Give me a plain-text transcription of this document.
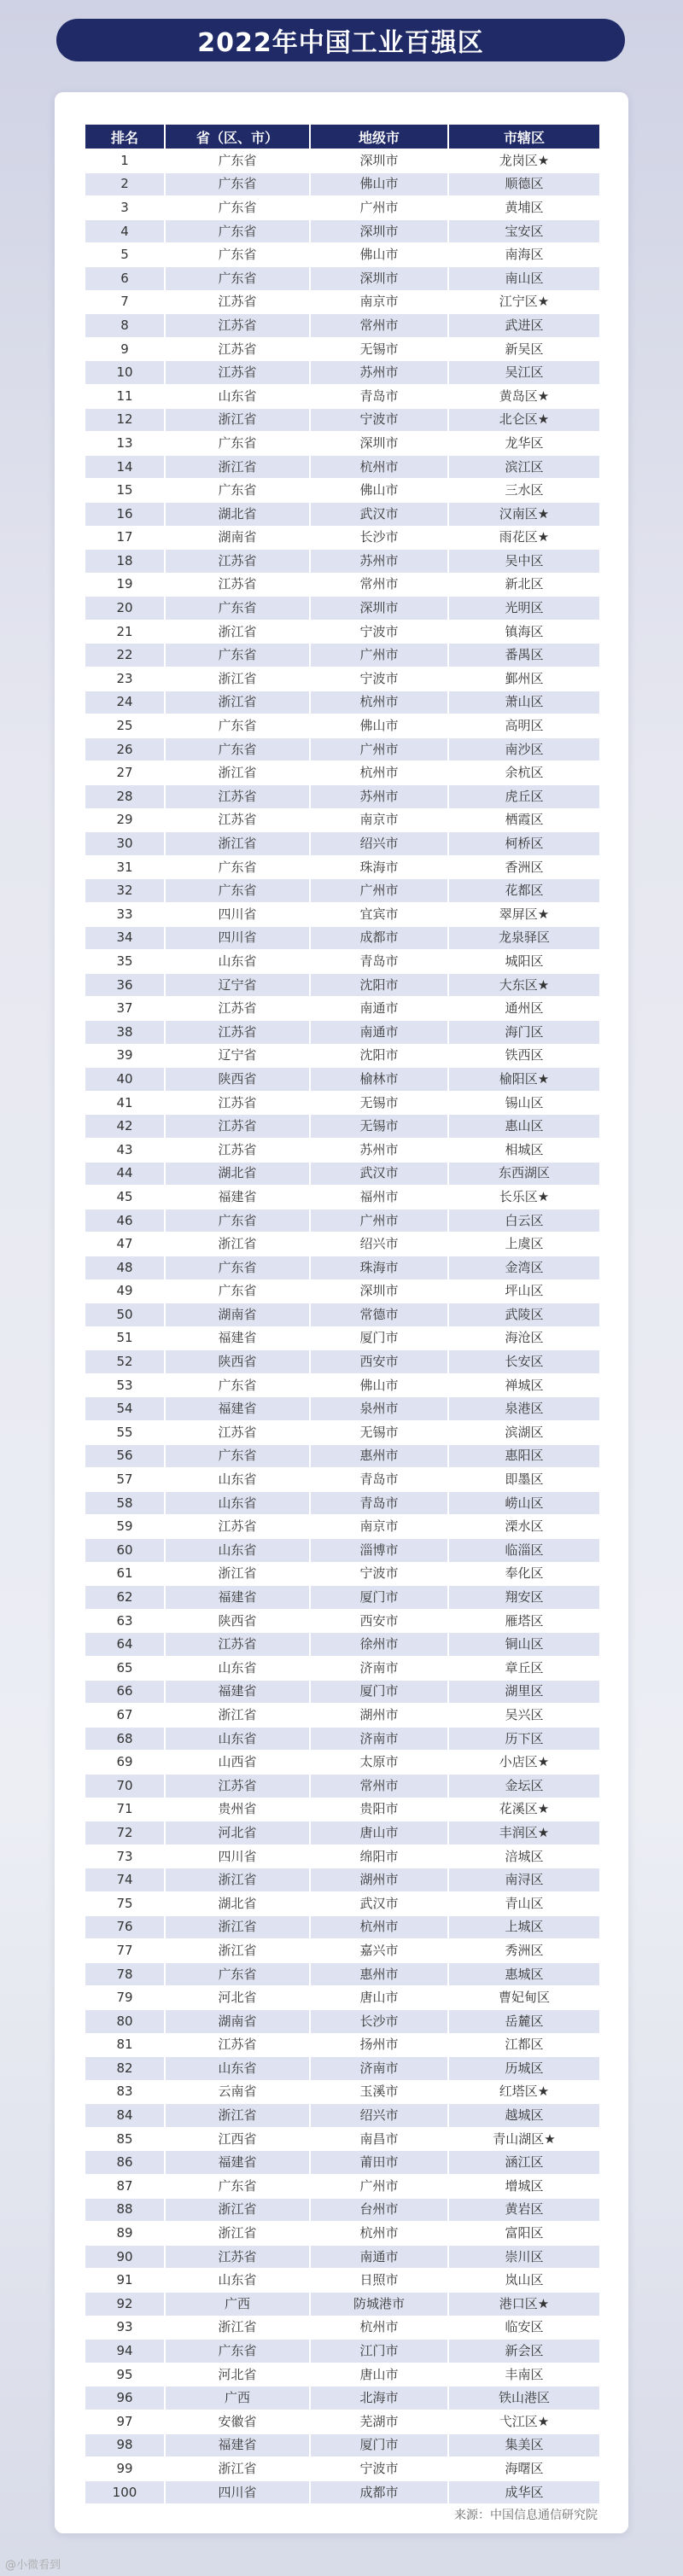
2022年中国工业百强区
排名	省（区、市）	地级市	市辖区
1	广东省	深圳市	龙岗区★
2	广东省	佛山市	顺德区
3	广东省	广州市	黄埔区
4	广东省	深圳市	宝安区
5	广东省	佛山市	南海区
6	广东省	深圳市	南山区
7	江苏省	南京市	江宁区★
8	江苏省	常州市	武进区
9	江苏省	无锡市	新吴区
10	江苏省	苏州市	吴江区
11	山东省	青岛市	黄岛区★
12	浙江省	宁波市	北仑区★
13	广东省	深圳市	龙华区
14	浙江省	杭州市	滨江区
15	广东省	佛山市	三水区
16	湖北省	武汉市	汉南区★
17	湖南省	长沙市	雨花区★
18	江苏省	苏州市	吴中区
19	江苏省	常州市	新北区
20	广东省	深圳市	光明区
21	浙江省	宁波市	镇海区
22	广东省	广州市	番禺区
23	浙江省	宁波市	鄞州区
24	浙江省	杭州市	萧山区
25	广东省	佛山市	高明区
26	广东省	广州市	南沙区
27	浙江省	杭州市	余杭区
28	江苏省	苏州市	虎丘区
29	江苏省	南京市	栖霞区
30	浙江省	绍兴市	柯桥区
31	广东省	珠海市	香洲区
32	广东省	广州市	花都区
33	四川省	宜宾市	翠屏区★
34	四川省	成都市	龙泉驿区
35	山东省	青岛市	城阳区
36	辽宁省	沈阳市	大东区★
37	江苏省	南通市	通州区
38	江苏省	南通市	海门区
39	辽宁省	沈阳市	铁西区
40	陕西省	榆林市	榆阳区★
41	江苏省	无锡市	锡山区
42	江苏省	无锡市	惠山区
43	江苏省	苏州市	相城区
44	湖北省	武汉市	东西湖区
45	福建省	福州市	长乐区★
46	广东省	广州市	白云区
47	浙江省	绍兴市	上虞区
48	广东省	珠海市	金湾区
49	广东省	深圳市	坪山区
50	湖南省	常德市	武陵区
51	福建省	厦门市	海沧区
52	陕西省	西安市	长安区
53	广东省	佛山市	禅城区
54	福建省	泉州市	泉港区
55	江苏省	无锡市	滨湖区
56	广东省	惠州市	惠阳区
57	山东省	青岛市	即墨区
58	山东省	青岛市	崂山区
59	江苏省	南京市	溧水区
60	山东省	淄博市	临淄区
61	浙江省	宁波市	奉化区
62	福建省	厦门市	翔安区
63	陕西省	西安市	雁塔区
64	江苏省	徐州市	铜山区
65	山东省	济南市	章丘区
66	福建省	厦门市	湖里区
67	浙江省	湖州市	吴兴区
68	山东省	济南市	历下区
69	山西省	太原市	小店区★
70	江苏省	常州市	金坛区
71	贵州省	贵阳市	花溪区★
72	河北省	唐山市	丰润区★
73	四川省	绵阳市	涪城区
74	浙江省	湖州市	南浔区
75	湖北省	武汉市	青山区
76	浙江省	杭州市	上城区
77	浙江省	嘉兴市	秀洲区
78	广东省	惠州市	惠城区
79	河北省	唐山市	曹妃甸区
80	湖南省	长沙市	岳麓区
81	江苏省	扬州市	江都区
82	山东省	济南市	历城区
83	云南省	玉溪市	红塔区★
84	浙江省	绍兴市	越城区
85	江西省	南昌市	青山湖区★
86	福建省	莆田市	涵江区
87	广东省	广州市	增城区
88	浙江省	台州市	黄岩区
89	浙江省	杭州市	富阳区
90	江苏省	南通市	崇川区
91	山东省	日照市	岚山区
92	广西	防城港市	港口区★
93	浙江省	杭州市	临安区
94	广东省	江门市	新会区
95	河北省	唐山市	丰南区
96	广西	北海市	铁山港区
97	安徽省	芜湖市	弋江区★
98	福建省	厦门市	集美区
99	浙江省	宁波市	海曙区
100	四川省	成都市	成华区
来源：中国信息通信研究院
@小微看到
